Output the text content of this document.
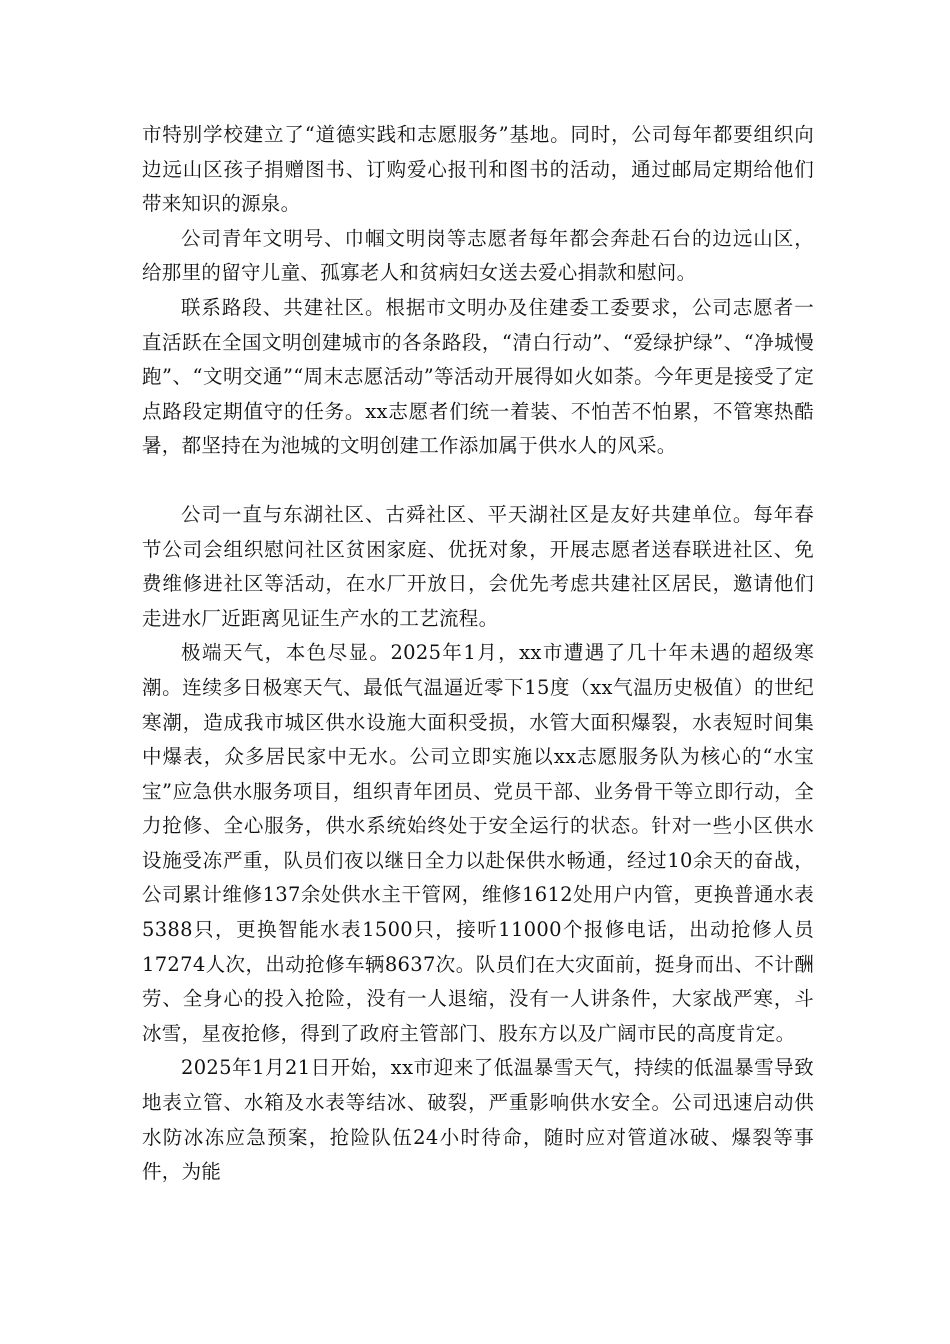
市特别学校建立了“道德实践和志愿服务”基地。同时，公司每年都要组织向边远山区孩子捐赠图书、订购爱心报刊和图书的活动，通过邮局定期给他们带来知识的源泉。

公司青年文明号、巾帼文明岗等志愿者每年都会奔赴石台的边远山区，给那里的留守儿童、孤寡老人和贫病妇女送去爱心捐款和慰问。

联系路段、共建社区。根据市文明办及住建委工委要求，公司志愿者一直活跃在全国文明创建城市的各条路段，“清白行动”、“爱绿护绿”、“净城慢跑”、“文明交通”“周末志愿活动”等活动开展得如火如荼。今年更是接受了定点路段定期值守的任务。xx志愿者们统一着装、不怕苦不怕累，不管寒热酷暑，都坚持在为池城的文明创建工作添加属于供水人的风采。

公司一直与东湖社区、古舜社区、平天湖社区是友好共建单位。每年春节公司会组织慰问社区贫困家庭、优抚对象，开展志愿者送春联进社区、免费维修进社区等活动，在水厂开放日，会优先考虑共建社区居民，邀请他们走进水厂近距离见证生产水的工艺流程。

极端天气，本色尽显。2025年1月，xx市遭遇了几十年未遇的超级寒潮。连续多日极寒天气、最低气温逼近零下15度（xx气温历史极值）的世纪寒潮，造成我市城区供水设施大面积受损，水管大面积爆裂，水表短时间集中爆表，众多居民家中无水。公司立即实施以xx志愿服务队为核心的“水宝宝”应急供水服务项目，组织青年团员、党员干部、业务骨干等立即行动，全力抢修、全心服务，供水系统始终处于安全运行的状态。针对一些小区供水设施受冻严重，队员们夜以继日全力以赴保供水畅通，经过10余天的奋战，公司累计维修137余处供水主干管网，维修1612处用户内管，更换普通水表5388只，更换智能水表1500只，接听11000个报修电话，出动抢修人员17274人次，出动抢修车辆8637次。队员们在大灾面前，挺身而出、不计酬劳、全身心的投入抢险，没有一人退缩，没有一人讲条件，大家战严寒，斗冰雪，星夜抢修，得到了政府主管部门、股东方以及广阔市民的高度肯定。

2025年1月21日开始，xx市迎来了低温暴雪天气，持续的低温暴雪导致地表立管、水箱及水表等结冰、破裂，严重影响供水安全。公司迅速启动供水防冰冻应急预案，抢险队伍24小时待命，随时应对管道冰破、爆裂等事件，为能
